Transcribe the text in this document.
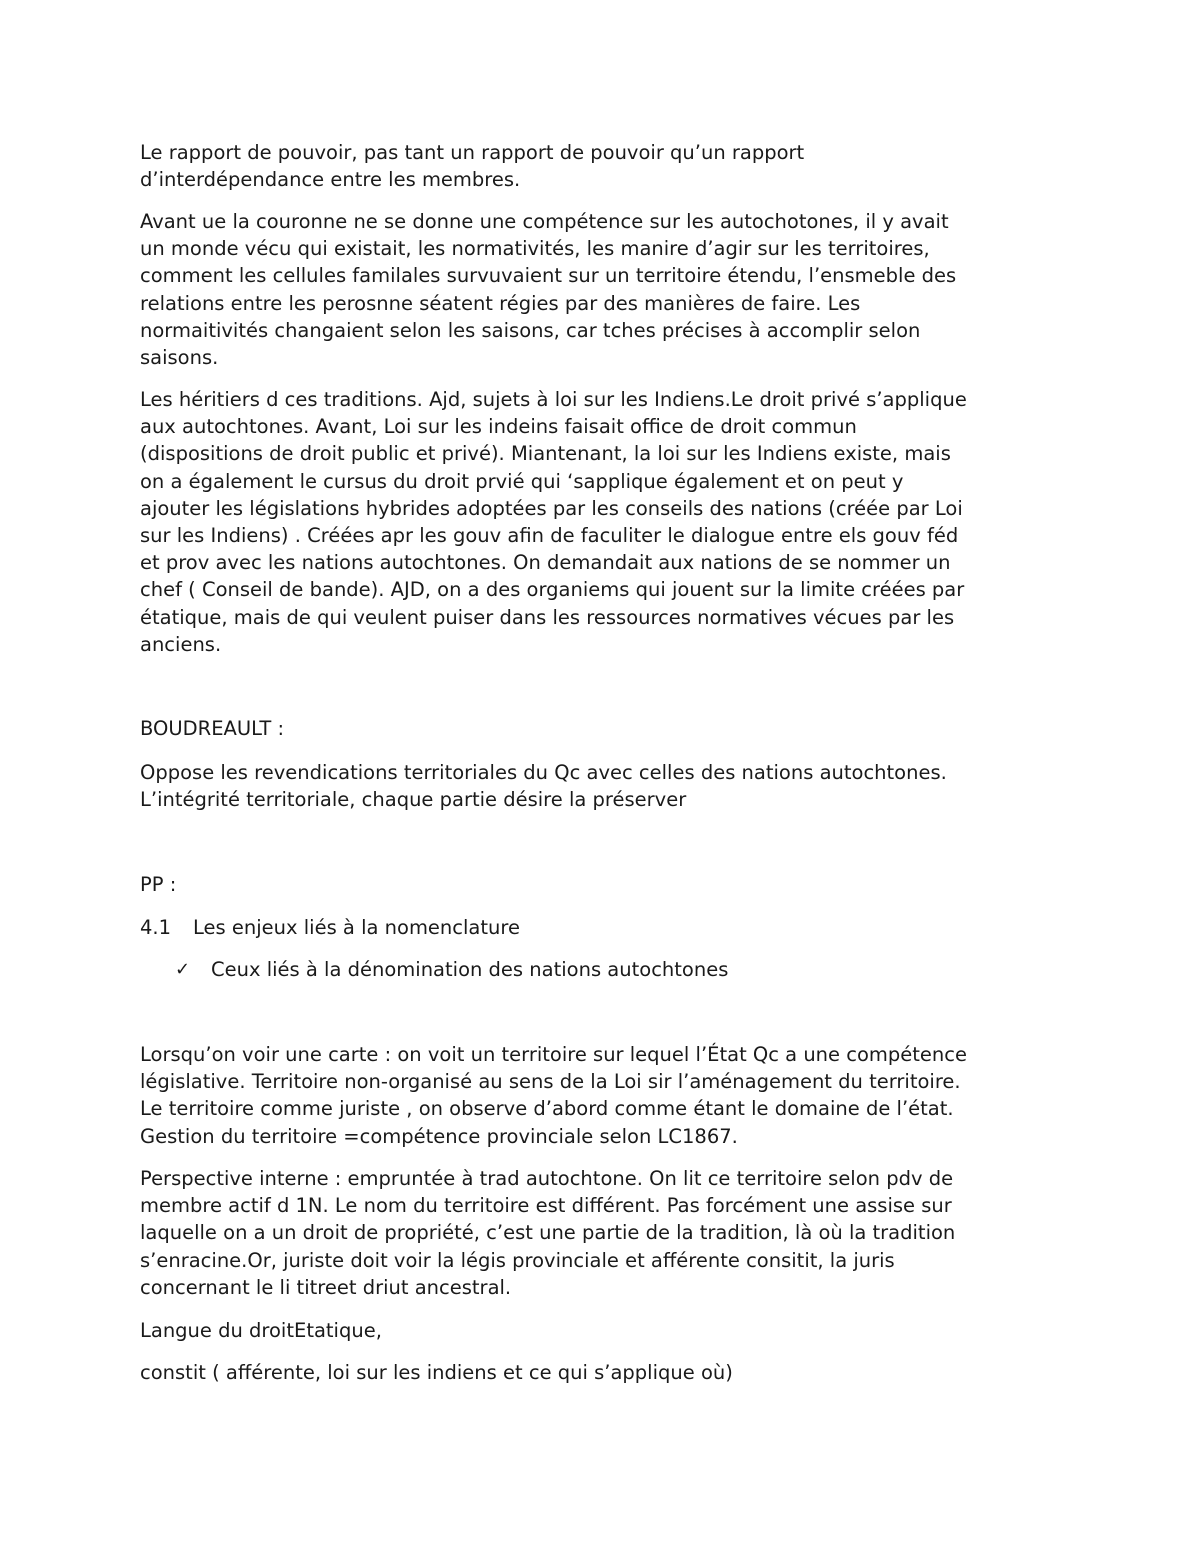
Le rapport de pouvoir, pas tant un rapport de pouvoir qu’un rapport
d’interdépendance entre les membres.

Avant ue la couronne ne se donne une compétence sur les autochotones, il y avait
un monde vécu qui existait, les normativités, les manire d’agir sur les territoires,
comment les cellules familales survuvaient sur un territoire étendu, l’ensmeble des
relations entre les perosnne séatent régies par des manières de faire. Les
normaitivités changaient selon les saisons, car tches précises à accomplir selon
saisons.

Les héritiers d ces traditions. Ajd, sujets à loi sur les Indiens.Le droit privé s’applique
aux autochtones. Avant, Loi sur les indeins faisait office de droit commun
(dispositions de droit public et privé). Miantenant, la loi sur les Indiens existe, mais
on a également le cursus du droit prvié qui ‘sapplique également et on peut y
ajouter les législations hybrides adoptées par les conseils des nations (créée par Loi
sur les Indiens) . Créées apr les gouv afin de faculiter le dialogue entre els gouv féd
et prov avec les nations autochtones. On demandait aux nations de se nommer un
chef ( Conseil de bande). AJD, on a des organiems qui jouent sur la limite créées par
étatique, mais de qui veulent puiser dans les ressources normatives vécues par les
anciens.

BOUDREAULT :

Oppose les revendications territoriales du Qc avec celles des nations autochtones.
L’intégrité territoriale, chaque partie désire la préserver

PP :

4.1 Les enjeux liés à la nomenclature
✓ Ceux liés à la dénomination des nations autochtones

Lorsqu’on voir une carte : on voit un territoire sur lequel l’État Qc a une compétence
législative. Territoire non-organisé au sens de la Loi sir l’aménagement du territoire.
Le territoire comme juriste , on observe d’abord comme étant le domaine de l’état.
Gestion du territoire =compétence provinciale selon LC1867.

Perspective interne : empruntée à trad autochtone. On lit ce territoire selon pdv de
membre actif d 1N. Le nom du territoire est différent. Pas forcément une assise sur
laquelle on a un droit de propriété, c’est une partie de la tradition, là où la tradition
s’enracine.Or, juriste doit voir la légis provinciale et afférente consitit, la juris
concernant le li titreet driut ancestral.

Langue du droitEtatique,

constit ( afférente, loi sur les indiens et ce qui s’applique où)
